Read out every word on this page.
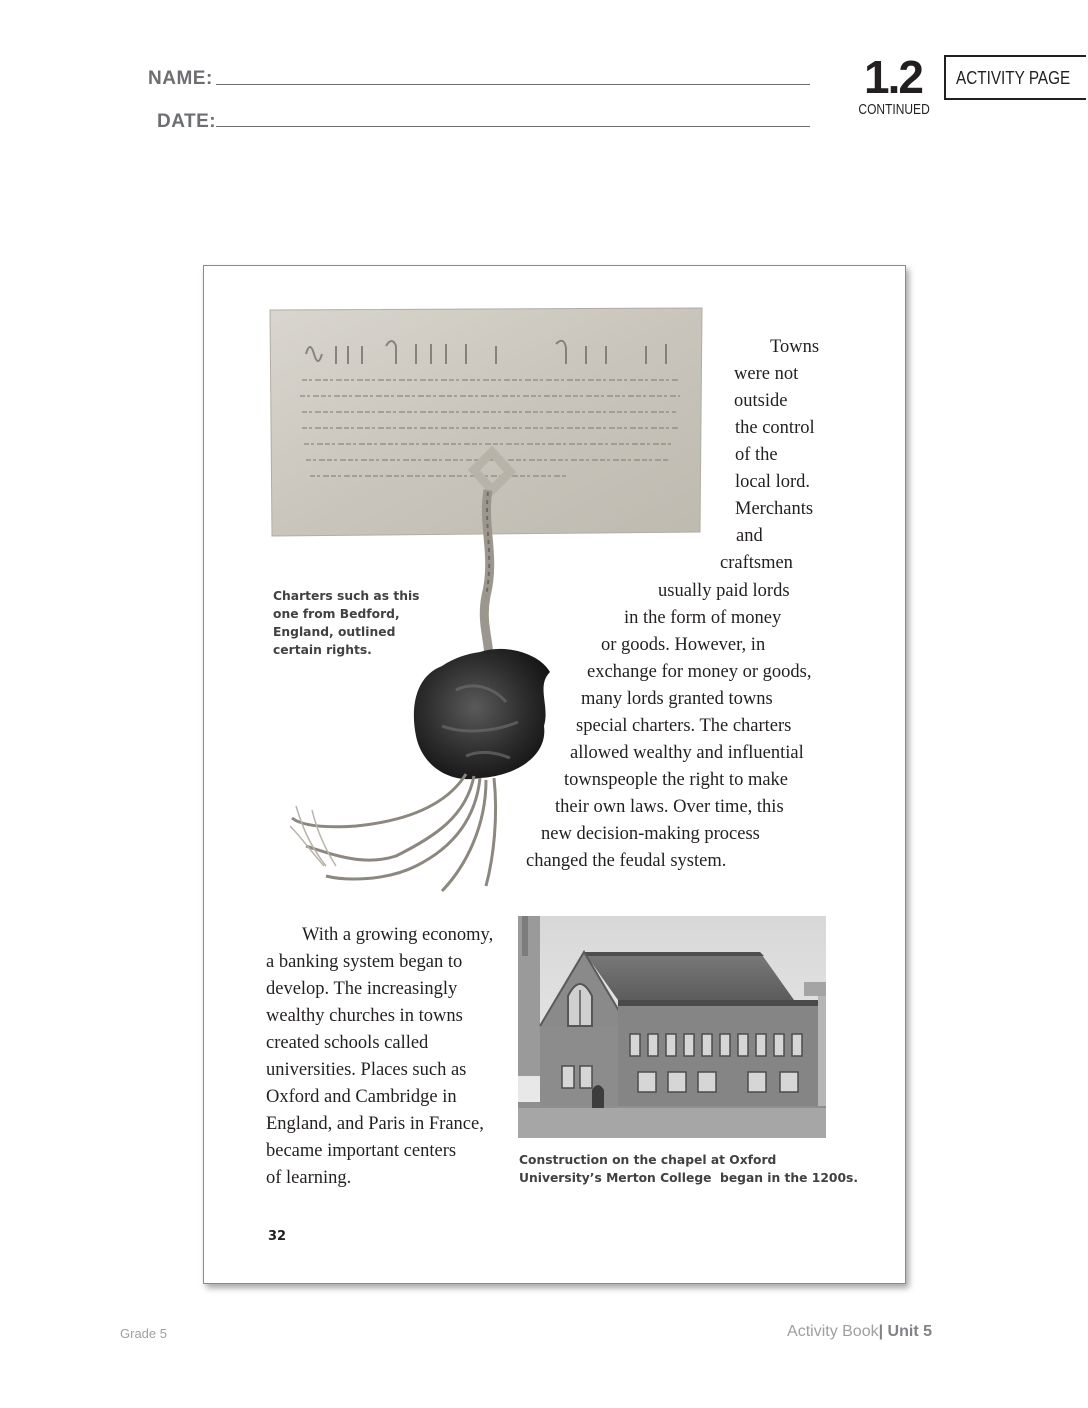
NAME:
DATE:
1.2
CONTINUED
ACTIVITY PAGE
Charters such as this
one from Bedford,
England, outlined
certain rights.
Towns
were not
outside
the control
of the
local lord.
Merchants
and
craftsmen
usually paid lords
in the form of money
or goods. However, in
exchange for money or goods,
many lords granted towns
special charters. The charters
allowed wealthy and influential
townspeople the right to make
their own laws. Over time, this
new decision-making process
changed the feudal system.
With a growing economy,
a banking system began to
develop. The increasingly
wealthy churches in towns
created schools called
universities. Places such as
Oxford and Cambridge in
England, and Paris in France,
became important centers
of learning.
Construction on the chapel at Oxford
University’s Merton College  began in the 1200s.
32
Grade 5	Activity Book| Unit 5
